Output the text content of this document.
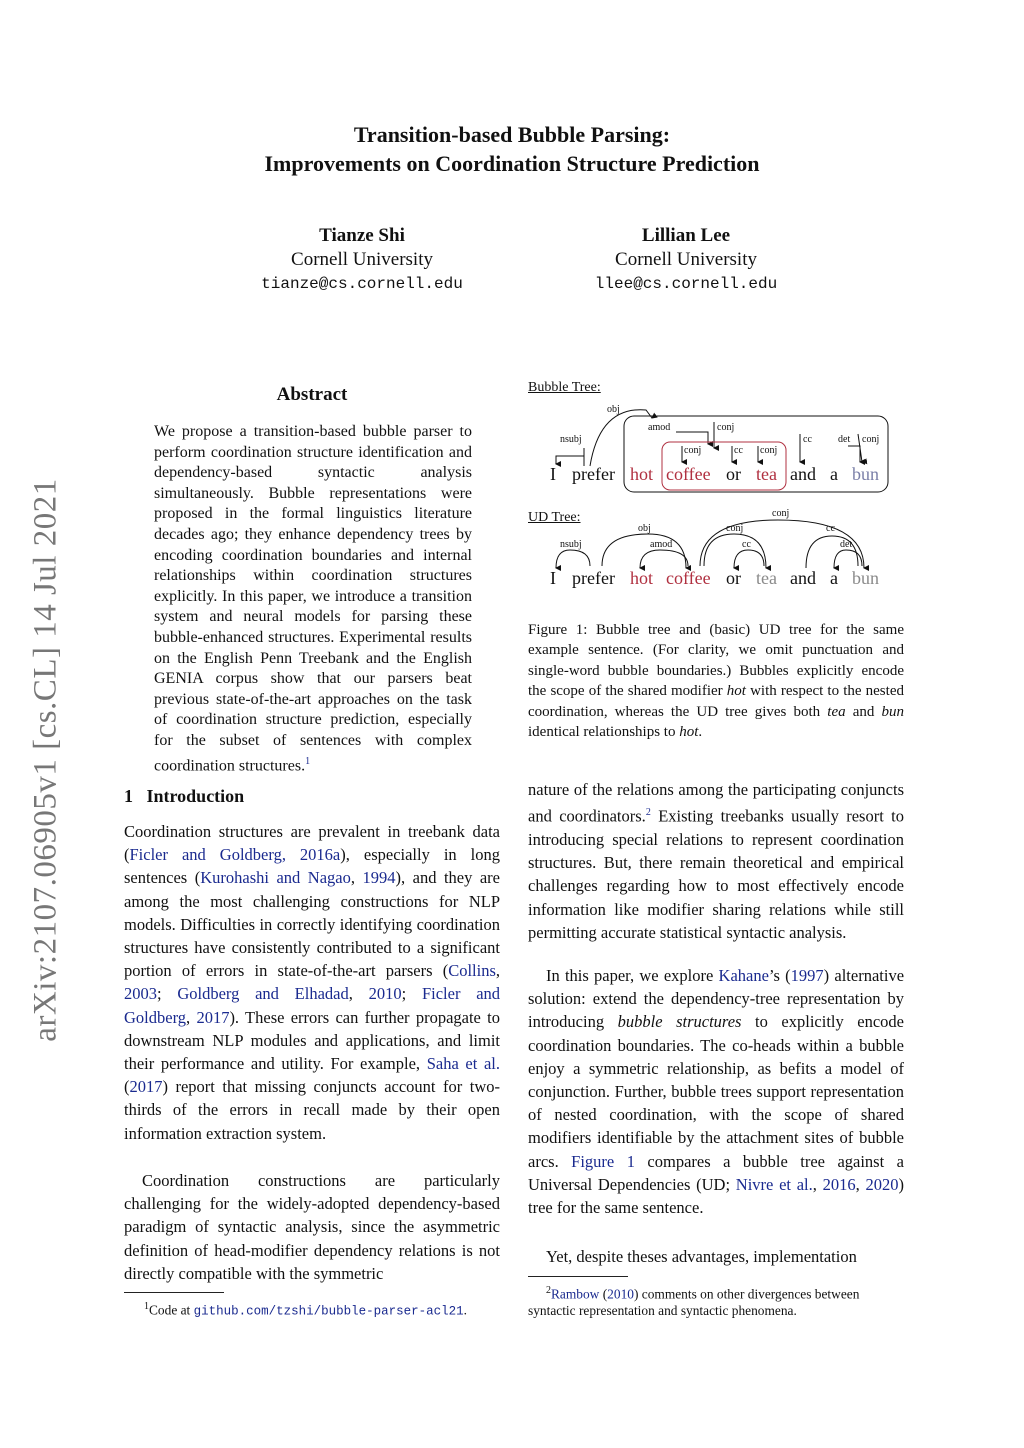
arXiv:2107.06905v1 [cs.CL] 14 Jul 2021
Transition-based Bubble Parsing:
Improvements on Coordination Structure Prediction
Tianze Shi
Cornell University
tianze@cs.cornell.edu
Lillian Lee
Cornell University
llee@cs.cornell.edu
Abstract
We propose a transition-based bubble parser to perform coordination structure identification and dependency-based syntactic analysis simultaneously. Bubble representations were proposed in the formal linguistics literature decades ago; they enhance dependency trees by encoding coordination boundaries and internal relationships within coordination structures explicitly. In this paper, we introduce a transition system and neural models for parsing these bubble-enhanced structures. Experimental results on the English Penn Treebank and the English GENIA corpus show that our parsers beat previous state-of-the-art approaches on the task of coordination structure prediction, especially for the subset of sentences with complex coordination structures.$^1$
1 Introduction
Coordination structures are prevalent in treebank data (Ficler and Goldberg, 2016a), especially in long sentences (Kurohashi and Nagao, 1994), and they are among the most challenging constructions for NLP models. Difficulties in correctly identifying coordination structures have consistently contributed to a significant portion of errors in state-of-the-art parsers (Collins, 2003; Goldberg and Elhadad, 2010; Ficler and Goldberg, 2017). These errors can further propagate to downstream NLP modules and applications, and limit their performance and utility. For example, Saha et al. (2017) report that missing conjuncts account for two-thirds of the errors in recall made by their open information extraction system.
Coordination constructions are particularly challenging for the widely-adopted dependency-based paradigm of syntactic analysis, since the asymmetric definition of head-modifier dependency relations is not directly compatible with the symmetric
$^1$Code at github.com/tzshi/bubble-parser-acl21.
Bubble Tree:
UD Tree:
obj
nsubj
amod	conj
conj	cc conj
cc	det conj
I prefer hot coffee or tea and a bun
conj
obj	conj	cc
nsubj	amod	cc	det
I prefer hot coffee or tea and a bun
Figure 1: Bubble tree and (basic) UD tree for the same example sentence. (For clarity, we omit punctuation and single-word bubble boundaries.) Bubbles explicitly encode the scope of the shared modifier hot with respect to the nested coordination, whereas the UD tree gives both tea and bun identical relationships to hot.
nature of the relations among the participating conjuncts and coordinators.$^2$ Existing treebanks usually resort to introducing special relations to represent coordination structures. But, there remain theoretical and empirical challenges regarding how to most effectively encode information like modifier sharing relations while still permitting accurate statistical syntactic analysis.
In this paper, we explore Kahane’s (1997) alternative solution: extend the dependency-tree representation by introducing bubble structures to explicitly encode coordination boundaries. The co-heads within a bubble enjoy a symmetric relationship, as befits a model of conjunction. Further, bubble trees support representation of nested coordination, with the scope of shared modifiers identifiable by the attachment sites of bubble arcs. Figure 1 compares a bubble tree against a Universal Dependencies (UD; Nivre et al., 2016, 2020) tree for the same sentence.
Yet, despite theses advantages, implementation
$^2$Rambow (2010) comments on other divergences between syntactic representation and syntactic phenomena.
